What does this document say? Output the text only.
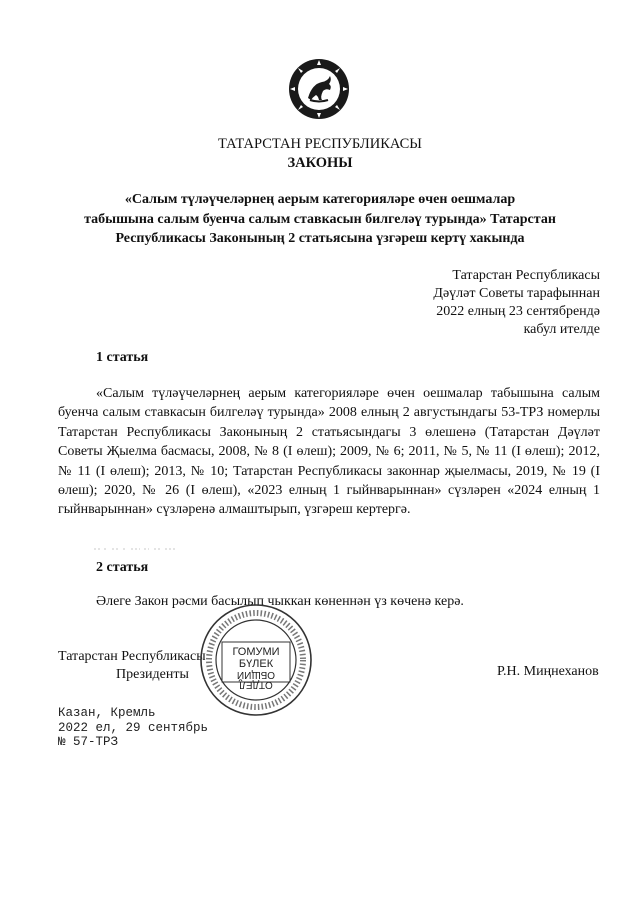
ТАТАРСТАН РЕСПУБЛИКАСЫ
ЗАКОНЫ
«Салым түләүчеләрнең аерым категорияләре өчен оешмалар
табышына салым буенча салым ставкасын билгеләү турында» Татарстан
Республикасы Законының 2 статьясына үзгәреш кертү хакында
Татарстан Республикасы
Дәүләт Советы тарафыннан
2022 елның 23 сентябрендә
кабул ителде
1 статья
«Салым түләүчеләрнең аерым категорияләре өчен оешмалар табышына салым буенча салым ставкасын билгеләү турында» 2008 елның 2 августындагы 53-ТРЗ номерлы Татарстан Республикасы Законының 2 статьясындагы 3 өлешенә (Татарстан Дәүләт Советы Җыелма басмасы, 2008, № 8 (I өлеш); 2009, № 6; 2011, № 5, № 11 (I өлеш); 2012, № 11 (I өлеш); 2013, № 10; Татарстан Республикасы законнар җыелмасы, 2019, № 19 (I өлеш); 2020, № 26 (I өлеш), «2023 елның 1 гыйнварыннан» сүзләрен «2024 елның 1 гыйнварыннан» сүзләренә алмаштырып, үзгәреш кертергә.
2 статья
Әлеге Закон рәсми басылып чыккан көненнән үз көченә керә.
Татарстан Республикасы
Президенты	Р.Н. Миңнеханов
ГОМУМИ
БҮЛЕК
ОБЩИЙ
ОТДЕЛ
Казан, Кремль
2022 ел, 29 сентябрь
№ 57-ТРЗ
